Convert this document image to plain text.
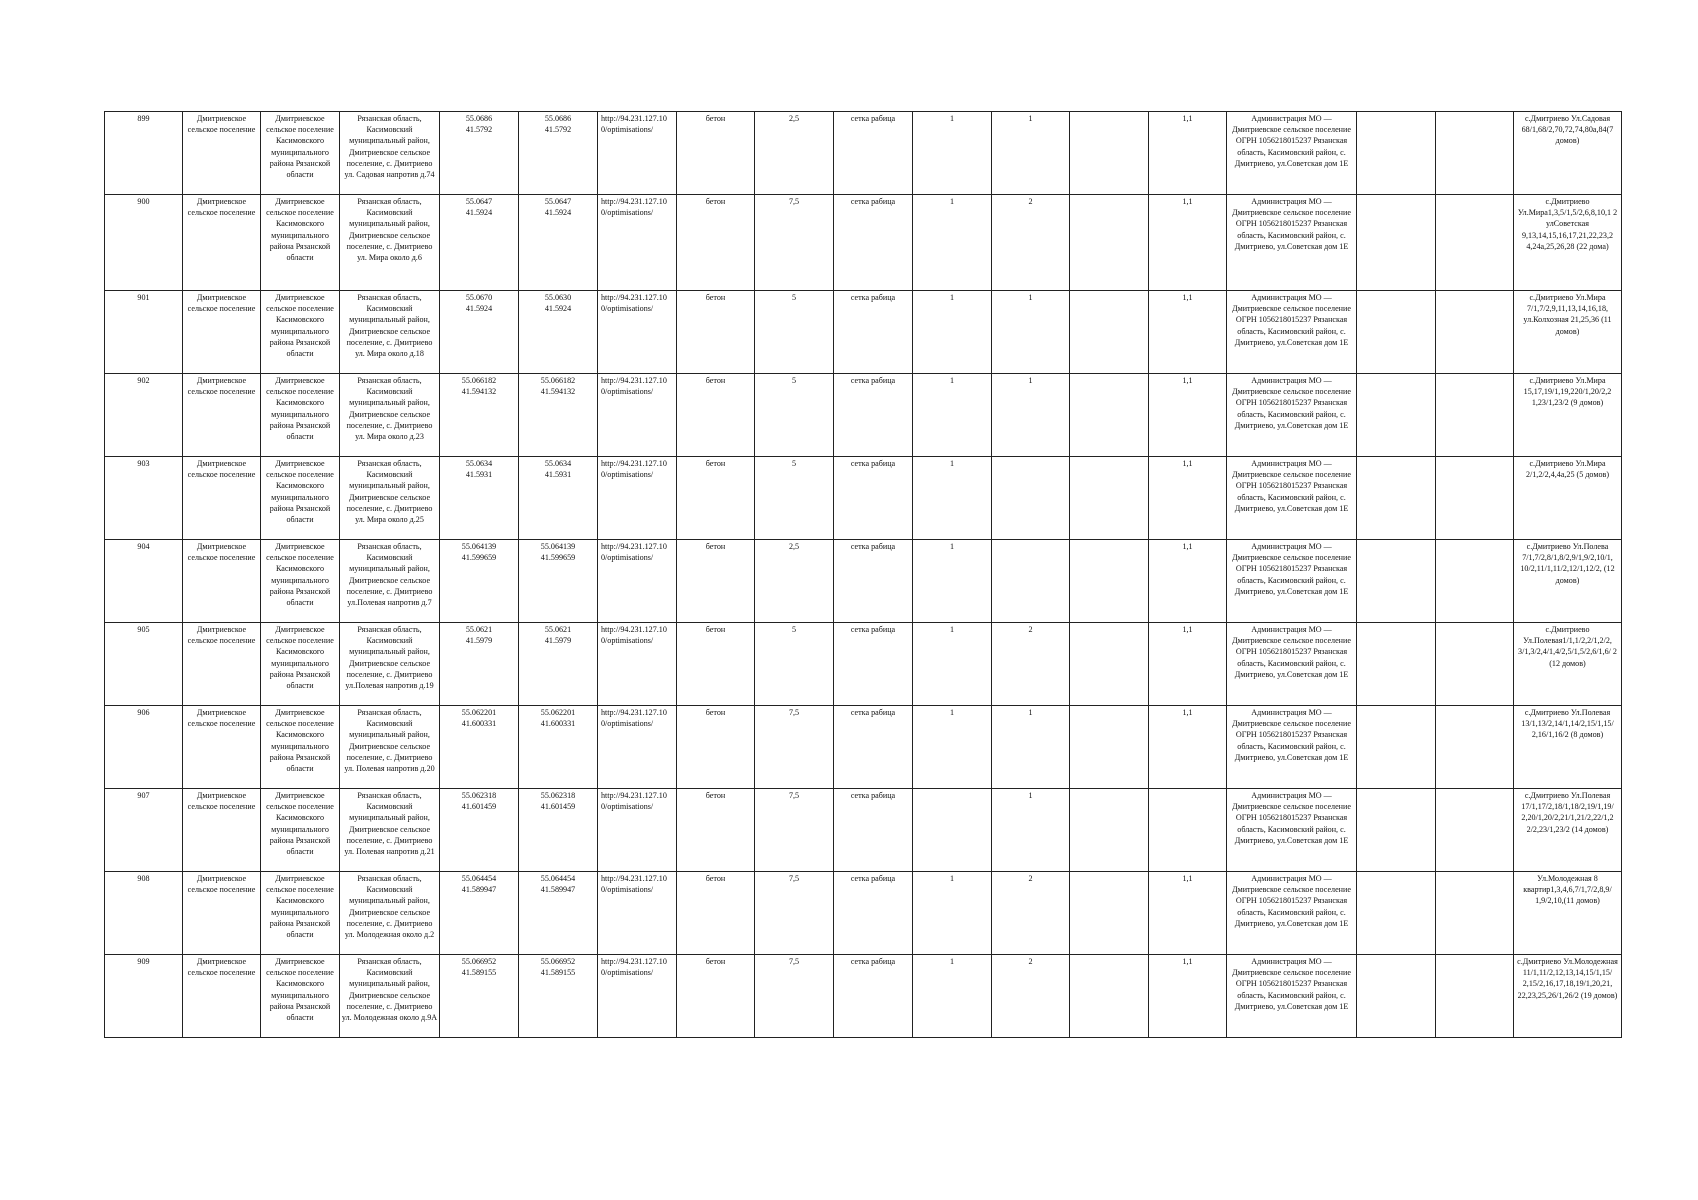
899	Дмитриевское сельское поселение	Дмитриевское сельское поселение Касимовского муниципального района Рязанской области	Рязанская область, Касимовский муниципальный район, Дмитриевское сельское поселение, с. Дмитриево ул. Садовая напротив д.74	55.0686
41.5792	55.0686
41.5792	http://94.231.127.10 0/optimisations/	бетон	2,5	сетка рабица	1	1		1,1	Администрация МО — Дмитриевское сельское поселение ОГРН 1056218015237 Рязанская область, Касимовский район, с. Дмитриево, ул.Советская дом 1Е			с.Дмитриево Ул.Садовая 68/1,68/2,70,72,74,80а,84(7 домов)
900	Дмитриевское сельское поселение	Дмитриевское сельское поселение Касимовского муниципального района Рязанской области	Рязанская область, Касимовский муниципальный район, Дмитриевское сельское поселение, с. Дмитриево ул. Мира около д.6	55.0647
41.5924	55.0647
41.5924	http://94.231.127.10 0/optimisations/	бетон	7,5	сетка рабица	1	2		1,1	Администрация МО — Дмитриевское сельское поселение ОГРН 1056218015237 Рязанская область, Касимовский район, с. Дмитриево, ул.Советская дом 1Е			с.Дмитриево Ул.Мира1,3,5/1,5/2,6,8,10,1 2 улСоветская 9,13,14,15,16,17,21,22,23,2 4,24а,25,26,28 (22 дома)
901	Дмитриевское сельское поселение	Дмитриевское сельское поселение Касимовского муниципального района Рязанской области	Рязанская область, Касимовский муниципальный район, Дмитриевское сельское поселение, с. Дмитриево ул. Мира около д.18	55.0670
41.5924	55.0630
41.5924	http://94.231.127.10 0/optimisations/	бетон	5	сетка рабица	1	1		1,1	Администрация МО — Дмитриевское сельское поселение ОГРН 1056218015237 Рязанская область, Касимовский район, с. Дмитриево, ул.Советская дом 1Е			с.Дмитриево Ул.Мира 7/1,7/2,9,11,13,14,16,18, ул.Колхозная 21,25,36 (11 домов)
902	Дмитриевское сельское поселение	Дмитриевское сельское поселение Касимовского муниципального района Рязанской области	Рязанская область, Касимовский муниципальный район, Дмитриевское сельское поселение, с. Дмитриево ул. Мира около д.23	55.066182
41.594132	55.066182
41.594132	http://94.231.127.10 0/optimisations/	бетон	5	сетка рабица	1	1		1,1	Администрация МО — Дмитриевское сельское поселение ОГРН 1056218015237 Рязанская область, Касимовский район, с. Дмитриево, ул.Советская дом 1Е			с.Дмитриево Ул.Мира 15,17,19/1,19,220/1,20/2,2 1,23/1,23/2 (9 домов)
903	Дмитриевское сельское поселение	Дмитриевское сельское поселение Касимовского муниципального района Рязанской области	Рязанская область, Касимовский муниципальный район, Дмитриевское сельское поселение, с. Дмитриево ул. Мира около д.25	55.0634
41.5931	55.0634
41.5931	http://94.231.127.10 0/optimisations/	бетон	5	сетка рабица	1			1,1	Администрация МО — Дмитриевское сельское поселение ОГРН 1056218015237 Рязанская область, Касимовский район, с. Дмитриево, ул.Советская дом 1Е			с.Дмитриево Ул.Мира 2/1,2/2,4,4а,25 (5 домов)
904	Дмитриевское сельское поселение	Дмитриевское сельское поселение Касимовского муниципального района Рязанской области	Рязанская область, Касимовский муниципальный район, Дмитриевское сельское поселение, с. Дмитриево ул.Полевая напротив д.7	55.064139
41.599659	55.064139
41.599659	http://94.231.127.10 0/optimisations/	бетон	2,5	сетка рабица	1			1,1	Администрация МО — Дмитриевское сельское поселение ОГРН 1056218015237 Рязанская область, Касимовский район, с. Дмитриево, ул.Советская дом 1Е			с.Дмитриево Ул.Полева 7/1,7/2,8/1,8/2,9/1,9/2,10/1, 10/2,11/1,11/2,12/1,12/2, (12 домов)
905	Дмитриевское сельское поселение	Дмитриевское сельское поселение Касимовского муниципального района Рязанской области	Рязанская область, Касимовский муниципальный район, Дмитриевское сельское поселение, с. Дмитриево ул.Полевая напротив д.19	55.0621
41.5979	55.0621
41.5979	http://94.231.127.10 0/optimisations/	бетон	5	сетка рабица	1	2		1,1	Администрация МО — Дмитриевское сельское поселение ОГРН 1056218015237 Рязанская область, Касимовский район, с. Дмитриево, ул.Советская дом 1Е			с.Дмитриево Ул.Полевая1/1,1/2,2/1,2/2, 3/1,3/2,4/1,4/2,5/1,5/2,6/1,6/ 2 (12 домов)
906	Дмитриевское сельское поселение	Дмитриевское сельское поселение Касимовского муниципального района Рязанской области	Рязанская область, Касимовский муниципальный район, Дмитриевское сельское поселение, с. Дмитриево ул. Полевая напротив д.20	55.062201
41.600331	55.062201
41.600331	http://94.231.127.10 0/optimisations/	бетон	7,5	сетка рабица	1	1		1,1	Администрация МО — Дмитриевское сельское поселение ОГРН 1056218015237 Рязанская область, Касимовский район, с. Дмитриево, ул.Советская дом 1Е			с.Дмитриево Ул.Полевая 13/1,13/2,14/1,14/2,15/1,15/ 2,16/1,16/2 (8 домов)
907	Дмитриевское сельское поселение	Дмитриевское сельское поселение Касимовского муниципального района Рязанской области	Рязанская область, Касимовский муниципальный район, Дмитриевское сельское поселение, с. Дмитриево ул. Полевая напротив д.21	55.062318
41.601459	55.062318
41.601459	http://94.231.127.10 0/optimisations/	бетон	7,5	сетка рабица		1			Администрация МО — Дмитриевское сельское поселение ОГРН 1056218015237 Рязанская область, Касимовский район, с. Дмитриево, ул.Советская дом 1Е			с.Дмитриево Ул.Полевая 17/1,17/2,18/1,18/2,19/1,19/ 2,20/1,20/2,21/1,21/2,22/1,2 2/2,23/1,23/2 (14 домов)
908	Дмитриевское сельское поселение	Дмитриевское сельское поселение Касимовского муниципального района Рязанской области	Рязанская область, Касимовский муниципальный район, Дмитриевское сельское поселение, с. Дмитриево ул. Молодежная около д.2	55.064454
41.589947	55.064454
41.589947	http://94.231.127.10 0/optimisations/	бетон	7,5	сетка рабица	1	2		1,1	Администрация МО — Дмитриевское сельское поселение ОГРН 1056218015237 Рязанская область, Касимовский район, с. Дмитриево, ул.Советская дом 1Е			Ул.Молодежная 8 квартир1,3,4,6,7/1,7/2,8,9/ 1,9/2,10,(11 домов)
909	Дмитриевское сельское поселение	Дмитриевское сельское поселение Касимовского муниципального района Рязанской области	Рязанская область, Касимовский муниципальный район, Дмитриевское сельское поселение, с. Дмитриево ул. Молодежная около д.9А	55.066952
41.589155	55.066952
41.589155	http://94.231.127.10 0/optimisations/	бетон	7,5	сетка рабица	1	2		1,1	Администрация МО — Дмитриевское сельское поселение ОГРН 1056218015237 Рязанская область, Касимовский район, с. Дмитриево, ул.Советская дом 1Е			с.Дмитриево Ул.Молодежная 11/1,11/2,12,13,14,15/1,15/ 2,15/2,16,17,18,19/1,20,21, 22,23,25,26/1,26/2 (19 домов)
